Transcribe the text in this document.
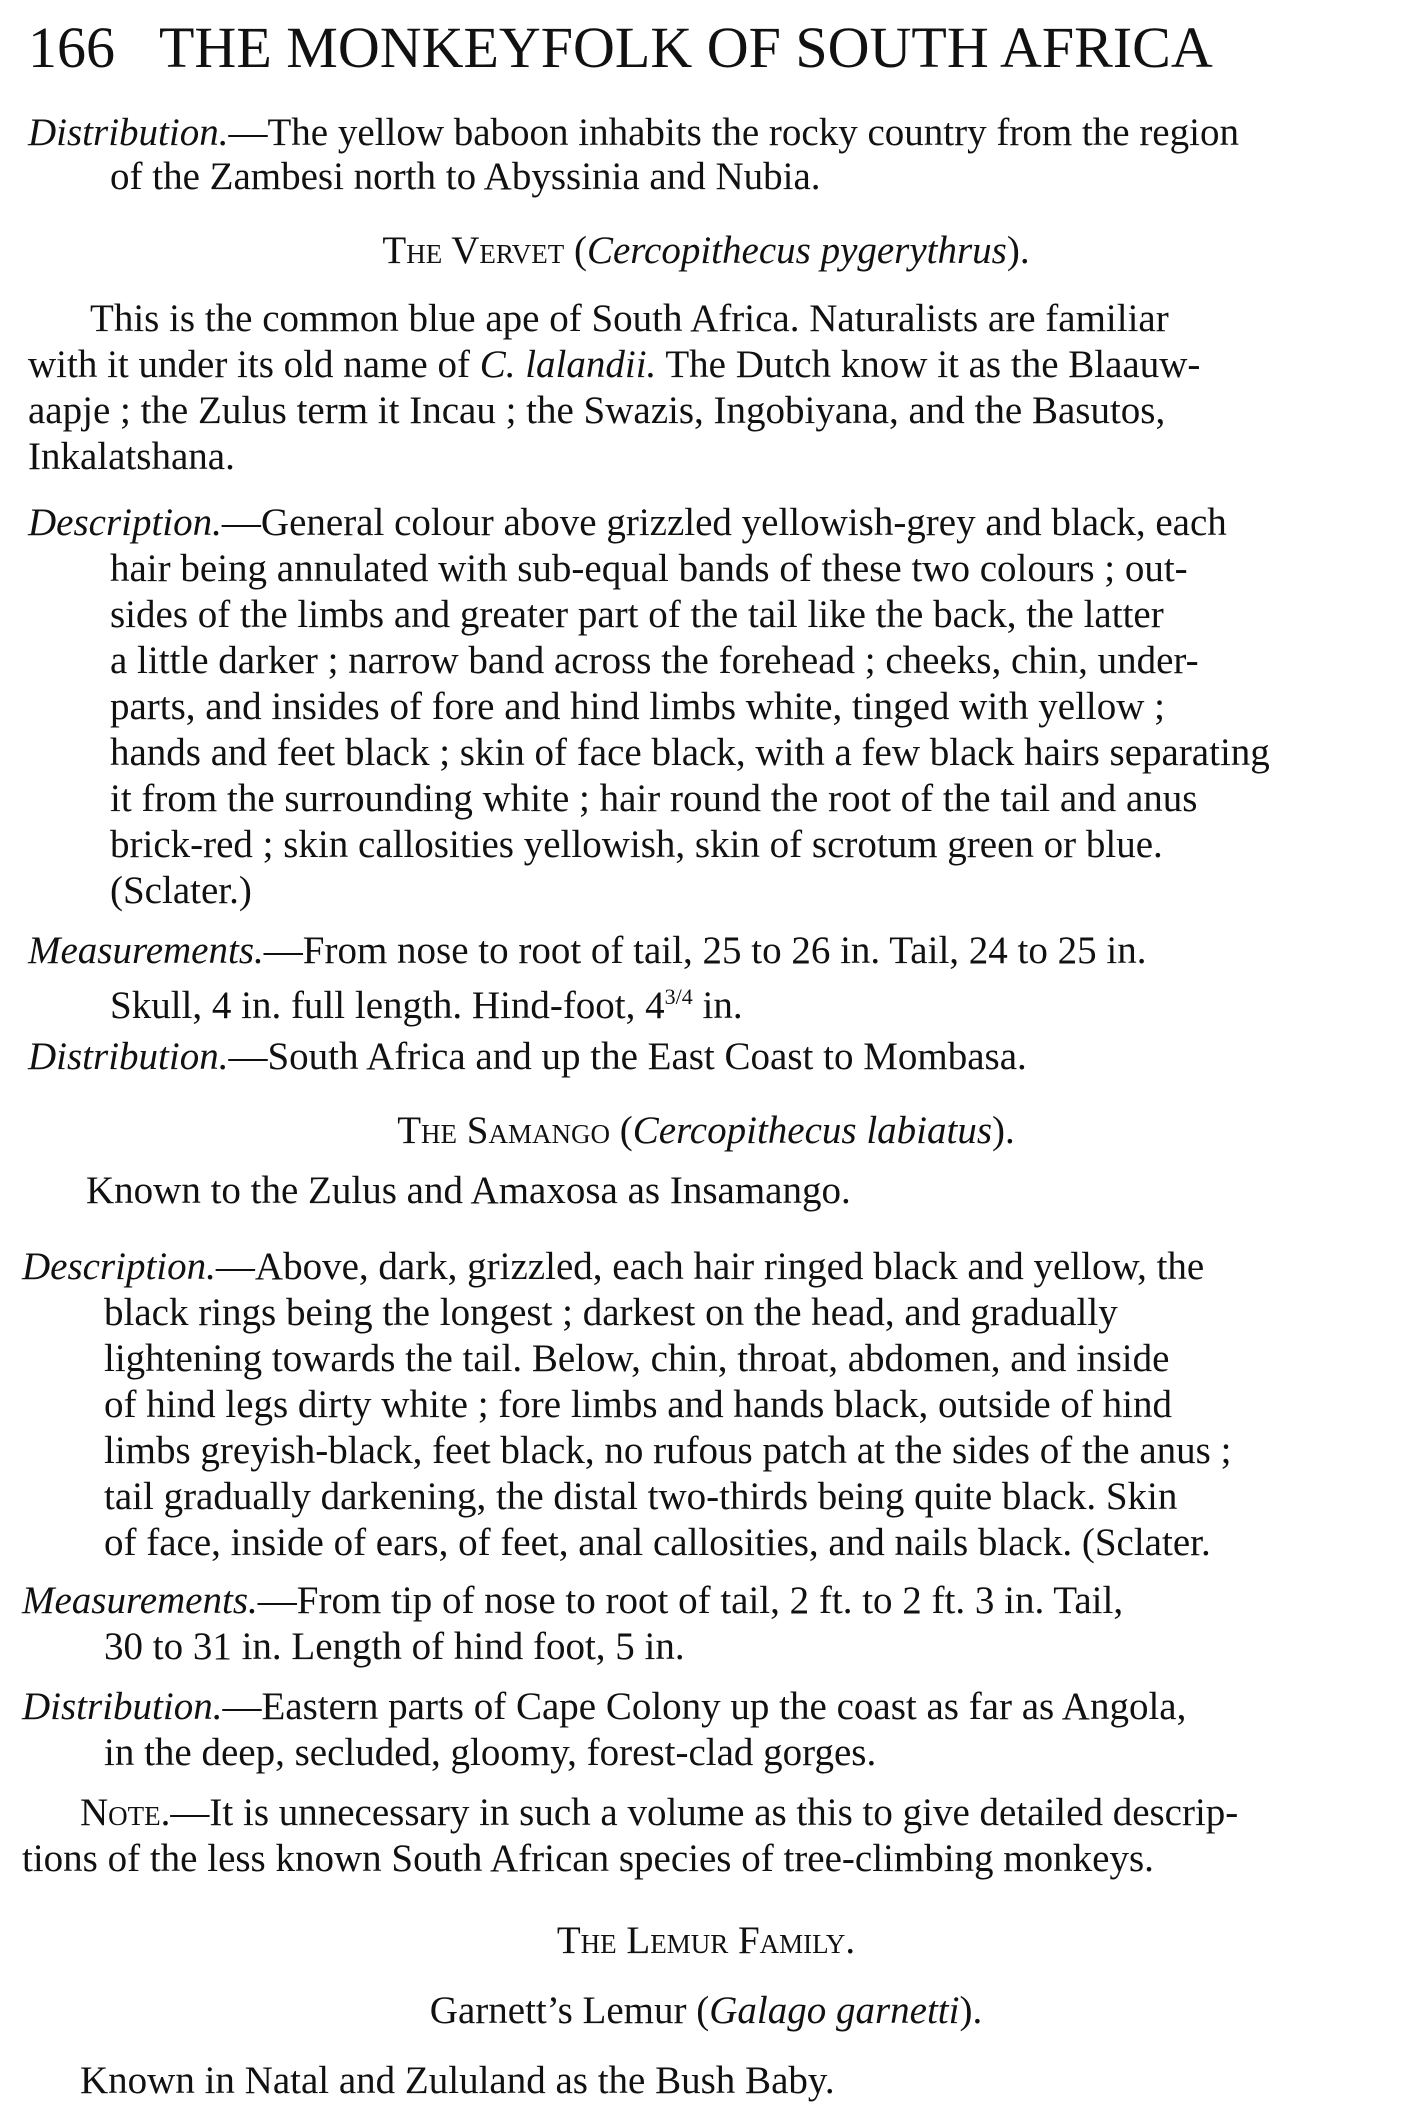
166 THE MONKEYFOLK OF SOUTH AFRICA
Distribution.—The yellow baboon inhabits the rocky country from the region
of the Zambesi north to Abyssinia and Nubia.
The Vervet (Cercopithecus pygerythrus).
This is the common blue ape of South Africa. Naturalists are familiar
with it under its old name of C. lalandii. The Dutch know it as the Blaauw-
aapje ; the Zulus term it Incau ; the Swazis, Ingobiyana, and the Basutos,
Inkalatshana.
Description.—General colour above grizzled yellowish-grey and black, each
hair being annulated with sub-equal bands of these two colours ; out-
sides of the limbs and greater part of the tail like the back, the latter
a little darker ; narrow band across the forehead ; cheeks, chin, under-
parts, and insides of fore and hind limbs white, tinged with yellow ;
hands and feet black ; skin of face black, with a few black hairs separating
it from the surrounding white ; hair round the root of the tail and anus
brick-red ; skin callosities yellowish, skin of scrotum green or blue.
(Sclater.)
Measurements.—From nose to root of tail, 25 to 26 in. Tail, 24 to 25 in.
Skull, 4 in. full length. Hind-foot, $4^{3/4}$ in.
Distribution.—South Africa and up the East Coast to Mombasa.
The Samango (Cercopithecus labiatus).
Known to the Zulus and Amaxosa as Insamango.
Description.—Above, dark, grizzled, each hair ringed black and yellow, the
black rings being the longest ; darkest on the head, and gradually
lightening towards the tail. Below, chin, throat, abdomen, and inside
of hind legs dirty white ; fore limbs and hands black, outside of hind
limbs greyish-black, feet black, no rufous patch at the sides of the anus ;
tail gradually darkening, the distal two-thirds being quite black. Skin
of face, inside of ears, of feet, anal callosities, and nails black. (Sclater.
Measurements.—From tip of nose to root of tail, 2 ft. to 2 ft. 3 in. Tail,
30 to 31 in. Length of hind foot, 5 in.
Distribution.—Eastern parts of Cape Colony up the coast as far as Angola,
in the deep, secluded, gloomy, forest-clad gorges.
Note.—It is unnecessary in such a volume as this to give detailed descrip-
tions of the less known South African species of tree-climbing monkeys.
The Lemur Family.
Garnett’s Lemur (Galago garnetti).
Known in Natal and Zululand as the Bush Baby.
